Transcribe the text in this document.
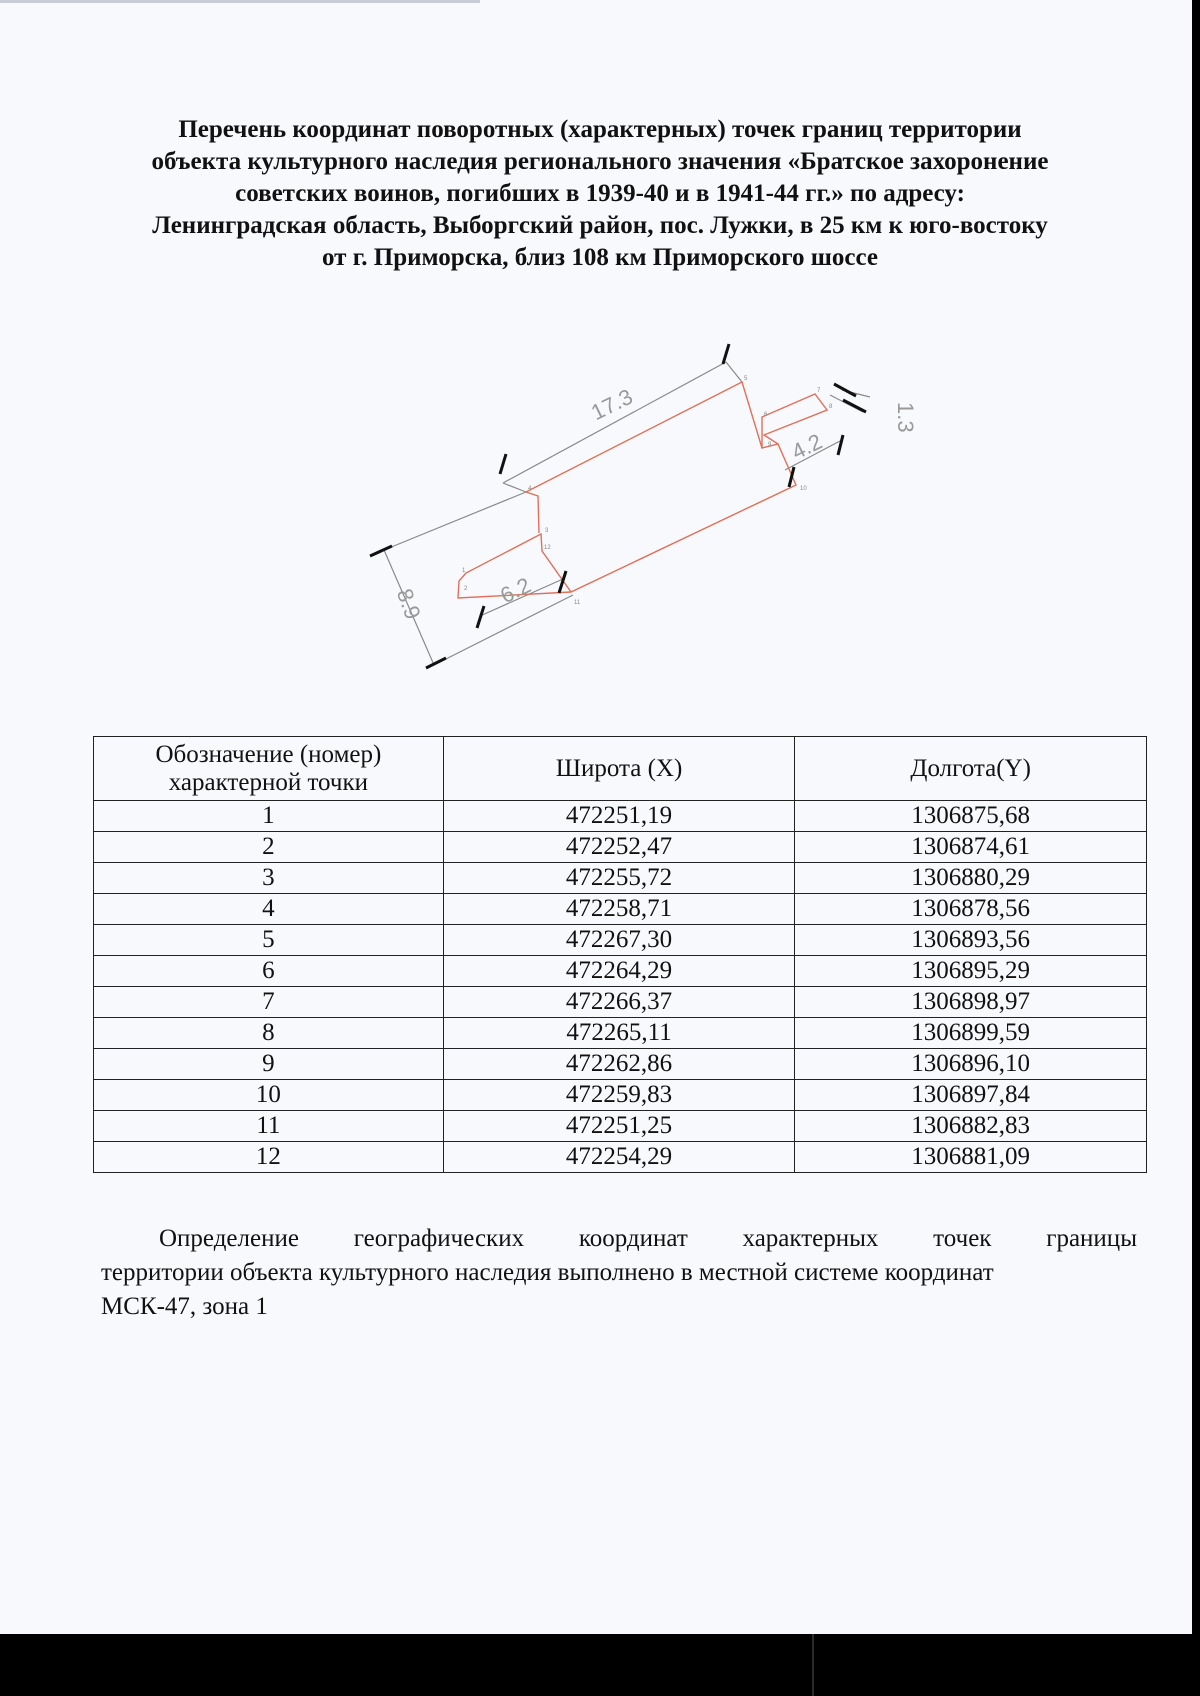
Перечень координат поворотных (характерных) точек границ территории
объекта культурного наследия регионального значения «Братское захоронение
советских воинов, погибших в 1939-40 и в 1941-44 гг.» по адресу:
Ленинградская область, Выборгский район, пос. Лужки, в 25 км к юго-востоку
от г. Приморска, близ 108 км Приморского шоссе
17.3	1.3
4.2
6.2
8.9
1
2
3
4
5
6
7
8
9
10
11
12
Обозначение (номер) характерной точки	Широта (X)	Долгота(Y)
1	472251,19	1306875,68
2	472252,47	1306874,61
3	472255,72	1306880,29
4	472258,71	1306878,56
5	472267,30	1306893,56
6	472264,29	1306895,29
7	472266,37	1306898,97
8	472265,11	1306899,59
9	472262,86	1306896,10
10	472259,83	1306897,84
11	472251,25	1306882,83
12	472254,29	1306881,09
Определение географических координат характерных точек границы
территории объекта культурного наследия выполнено в местной системе координат
МСК-47, зона 1
